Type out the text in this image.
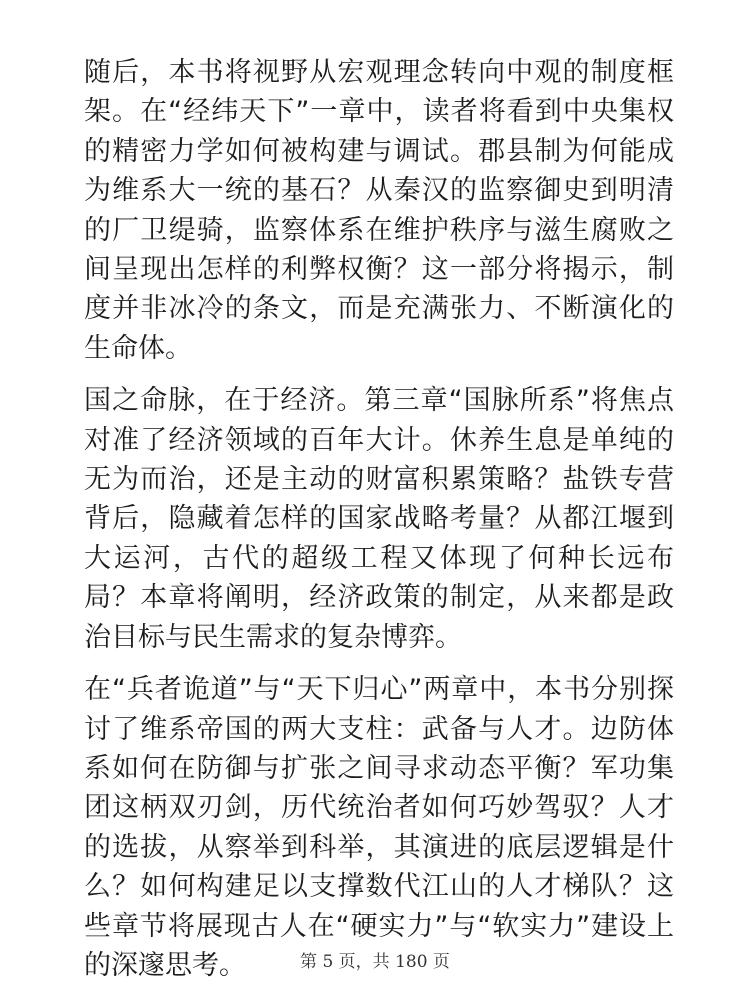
随后，本书将视野从宏观理念转向中观的制度框架。在“经纬天下”一章中，读者将看到中央集权的精密力学如何被构建与调试。郡县制为何能成为维系大一统的基石？从秦汉的监察御史到明清的厂卫缇骑，监察体系在维护秩序与滋生腐败之间呈现出怎样的利弊权衡？这一部分将揭示，制度并非冰冷的条文，而是充满张力、不断演化的生命体。

国之命脉，在于经济。第三章“国脉所系”将焦点对准了经济领域的百年大计。休养生息是单纯的无为而治，还是主动的财富积累策略？盐铁专营背后，隐藏着怎样的国家战略考量？从都江堰到大运河，古代的超级工程又体现了何种长远布局？本章将阐明，经济政策的制定，从来都是政治目标与民生需求的复杂博弈。

在“兵者诡道”与“天下归心”两章中，本书分别探讨了维系帝国的两大支柱：武备与人才。边防体系如何在防御与扩张之间寻求动态平衡？军功集团这柄双刃剑，历代统治者如何巧妙驾驭？人才的选拔，从察举到科举，其演进的底层逻辑是什么？如何构建足以支撑数代江山的人才梯队？这些章节将展现古人在“硬实力”与“软实力”建设上的深邃思考。	第 5 页，共 180 页
